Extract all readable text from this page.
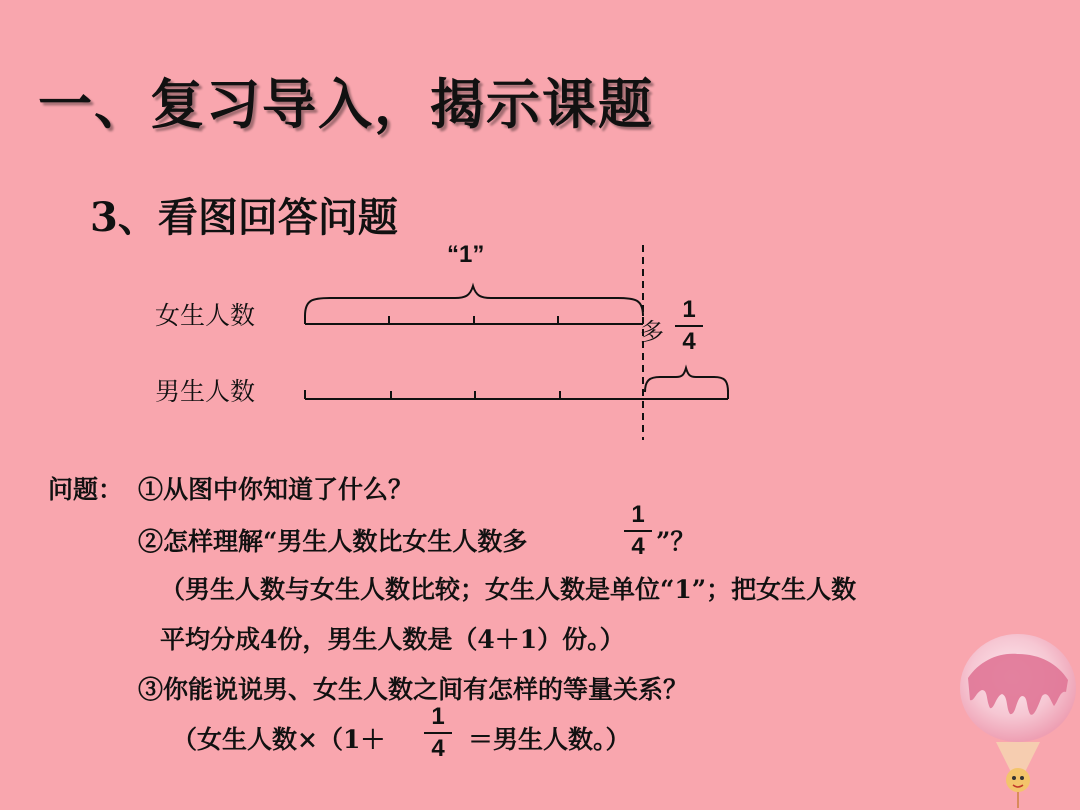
一、复习导入，揭示课题
3、看图回答问题
“1”
女生人数
男生人数
多
1
4
问题： ①从图中你知道了什么？
②怎样理解“男生人数比女生人数多
1
4 ”？
（男生人数与女生人数比较；女生人数是单位“1”；把女生人数
平均分成4份，男生人数是（4＋1）份。）
③你能说说男、女生人数之间有怎样的等量关系？
（女生人数×（1＋
1
4 ＝男生人数。）
